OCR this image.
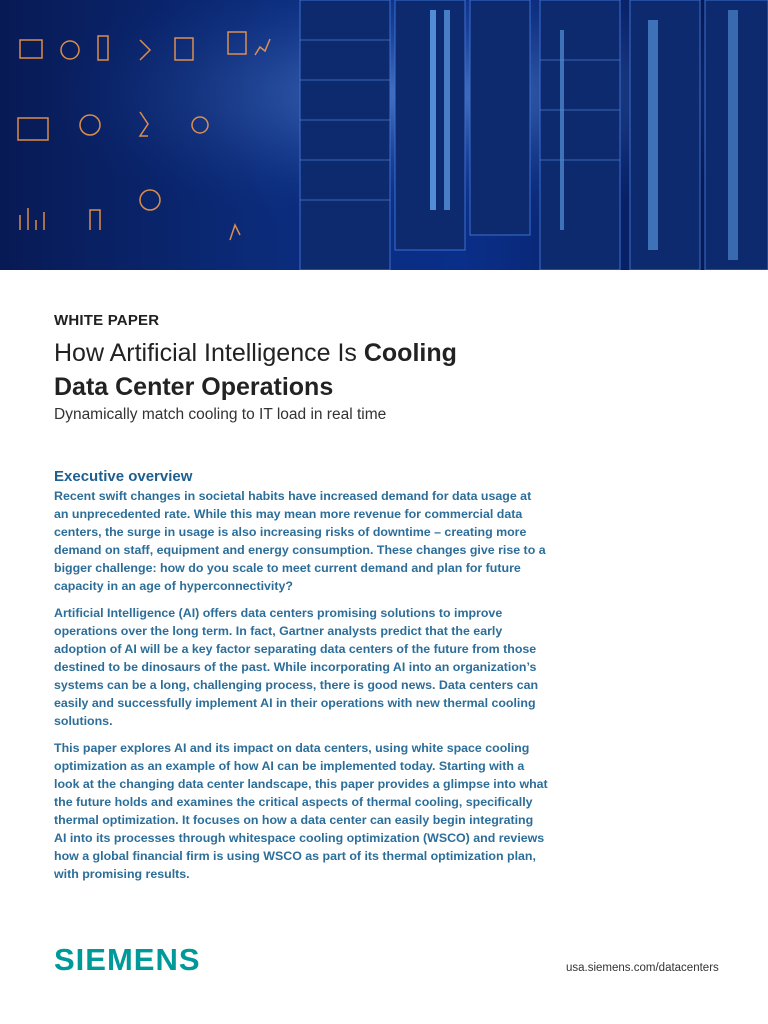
WHITE PAPER
How Artificial Intelligence Is Cooling
Data Center Operations
Dynamically match cooling to IT load in real time
Executive overview

Recent swift changes in societal habits have increased demand for data usage at an unprecedented rate. While this may mean more revenue for commercial data centers, the surge in usage is also increasing risks of downtime – creating more demand on staff, equipment and energy consumption. These changes give rise to a bigger challenge: how do you scale to meet current demand and plan for future capacity in an age of hyperconnectivity?

Artificial Intelligence (AI) offers data centers promising solutions to improve operations over the long term. In fact, Gartner analysts predict that the early adoption of AI will be a key factor separating data centers of the future from those destined to be dinosaurs of the past. While incorporating AI into an organization’s systems can be a long, challenging process, there is good news. Data centers can easily and successfully implement AI in their operations with new thermal cooling solutions.

This paper explores AI and its impact on data centers, using white space cooling optimization as an example of how AI can be implemented today. Starting with a look at the changing data center landscape, this paper provides a glimpse into what the future holds and examines the critical aspects of thermal cooling, specifically thermal optimization. It focuses on how a data center can easily begin integrating AI into its processes through whitespace cooling optimization (WSCO) and reviews how a global financial firm is using WSCO as part of its thermal optimization plan, with promising results.

SIEMENS	usa.siemens.com/datacenters
